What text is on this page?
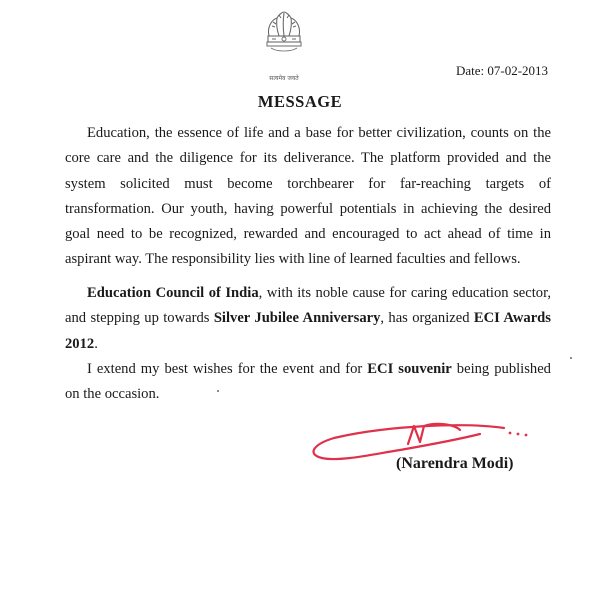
सत्यमेव जयते
Date: 07-02-2013
MESSAGE

Education, the essence of life and a base for better civilization, counts on the core care and the diligence for its deliverance. The platform provided and the system solicited must become torchbearer for far-reaching targets of transformation. Our youth, having powerful potentials in achieving the desired goal need to be recognized, rewarded and encouraged to act ahead of time in aspirant way. The responsibility lies with line of learned faculties and fellows.

Education Council of India, with its noble cause for caring education sector, and stepping up towards Silver Jubilee Anniversary, has organized ECI Awards 2012.

I extend my best wishes for the event and for ECI souvenir being published on the occasion.

(Narendra Modi)
